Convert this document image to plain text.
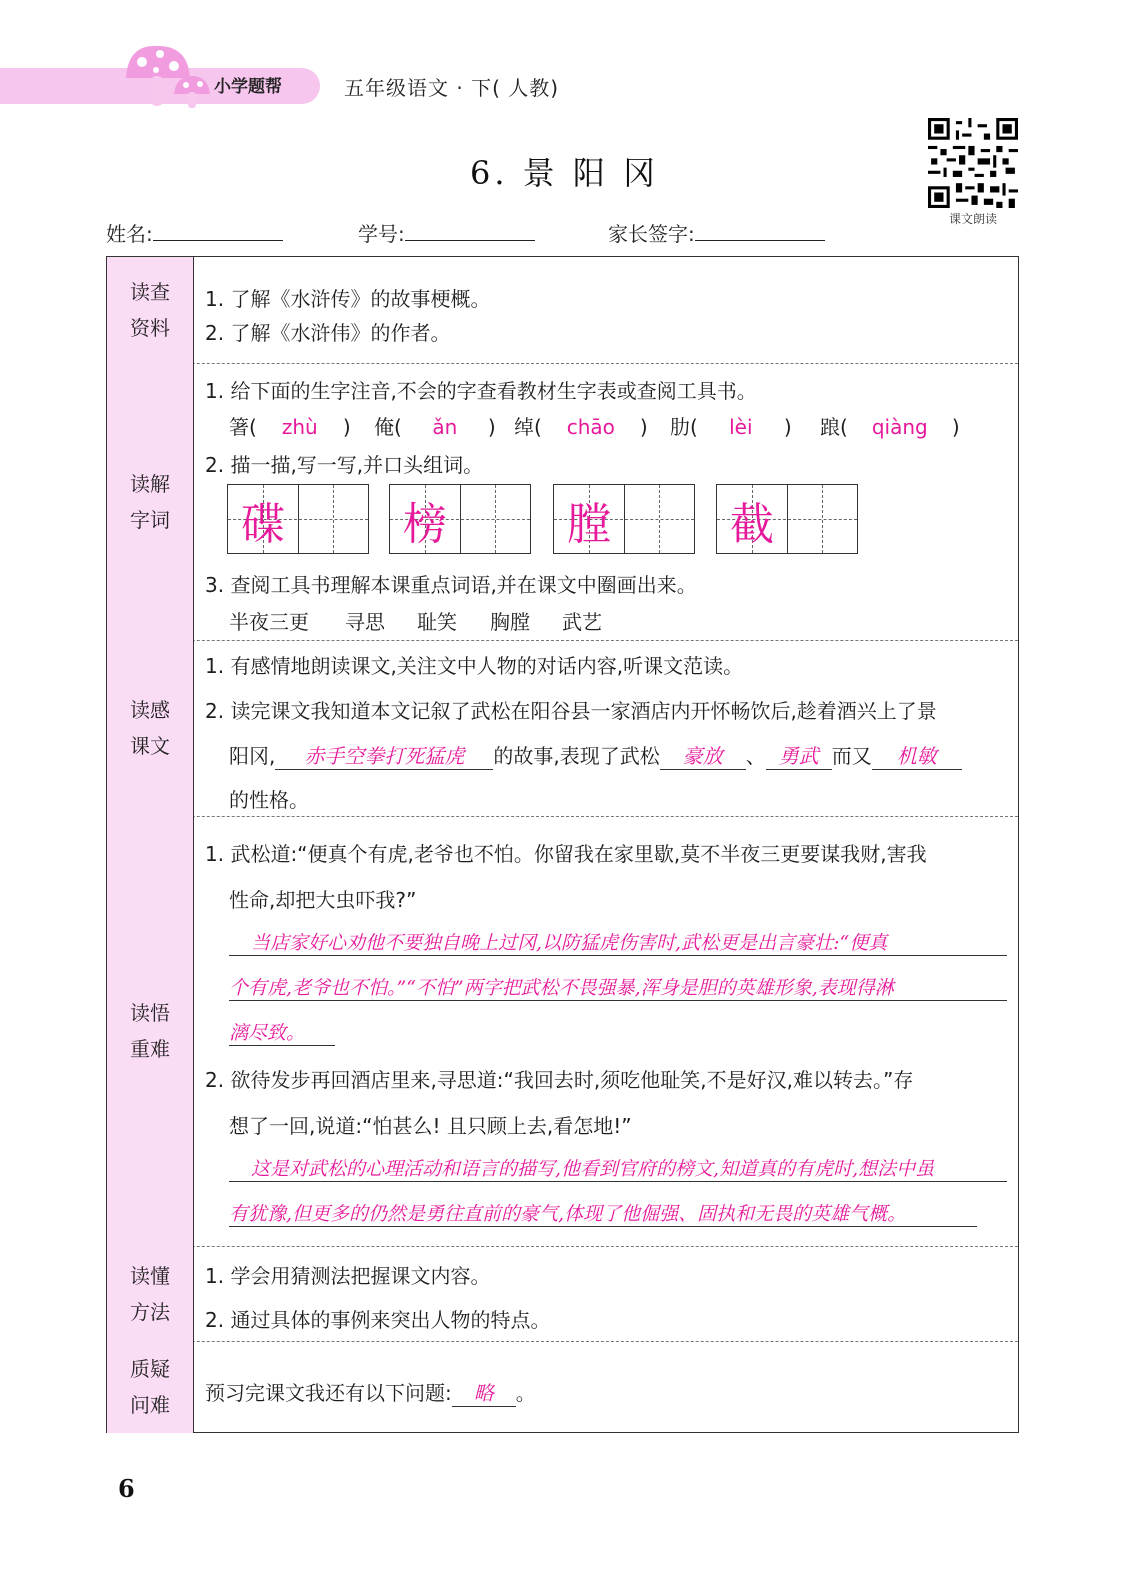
小学题帮	五年级语文 · 下( 人教)
6. 景 阳 冈
课文朗读
姓名:	学号:	家长签字:
读查
资料
1. 了解《水浒传》的故事梗概。
2. 了解《水浒伟》的作者。
读解
字词
1. 给下面的生字注音,不会的字查看教材生字表或查阅工具书。
箸( zhù ) 俺( ǎn ) 绰( chāo ) 肋( lèi ) 踉( qiàng )
2. 描一描,写一写,并口头组词。
3. 查阅工具书理解本课重点词语,并在课文中圈画出来。
半夜三更 寻思 耻笑 胸膛 武艺
读感
课文
1. 有感情地朗读课文,关注文中人物的对话内容,听课文范读。
2. 读完课文我知道本文记叙了武松在阳谷县一家酒店内开怀畅饮后,趁着酒兴上了景
阳冈, 赤手空拳打死猛虎 的故事,表现了武松 豪放 、 勇武 而又 机敏
的性格。
读悟
重难
1. 武松道:“便真个有虎,老爷也不怕。你留我在家里歇,莫不半夜三更要谋我财,害我
性命,却把大虫吓我?”
当店家好心劝他不要独自晚上过冈,以防猛虎伤害时,武松更是出言豪壮:“便真
个有虎,老爷也不怕。”“不怕”两字把武松不畏强暴,浑身是胆的英雄形象,表现得淋
漓尽致。
2. 欲待发步再回酒店里来,寻思道:“我回去时,须吃他耻笑,不是好汉,难以转去。”存
想了一回,说道:“怕甚么! 且只顾上去,看怎地!”
这是对武松的心理活动和语言的描写,他看到官府的榜文,知道真的有虎时,想法中虽
有犹豫,但更多的仍然是勇往直前的豪气,体现了他倔强、固执和无畏的英雄气概。
读懂
方法
1. 学会用猜测法把握课文内容。
2. 通过具体的事例来突出人物的特点。
质疑
问难 预习完课文我还有以下问题: 略 。
碟	榜	膛	截
6
